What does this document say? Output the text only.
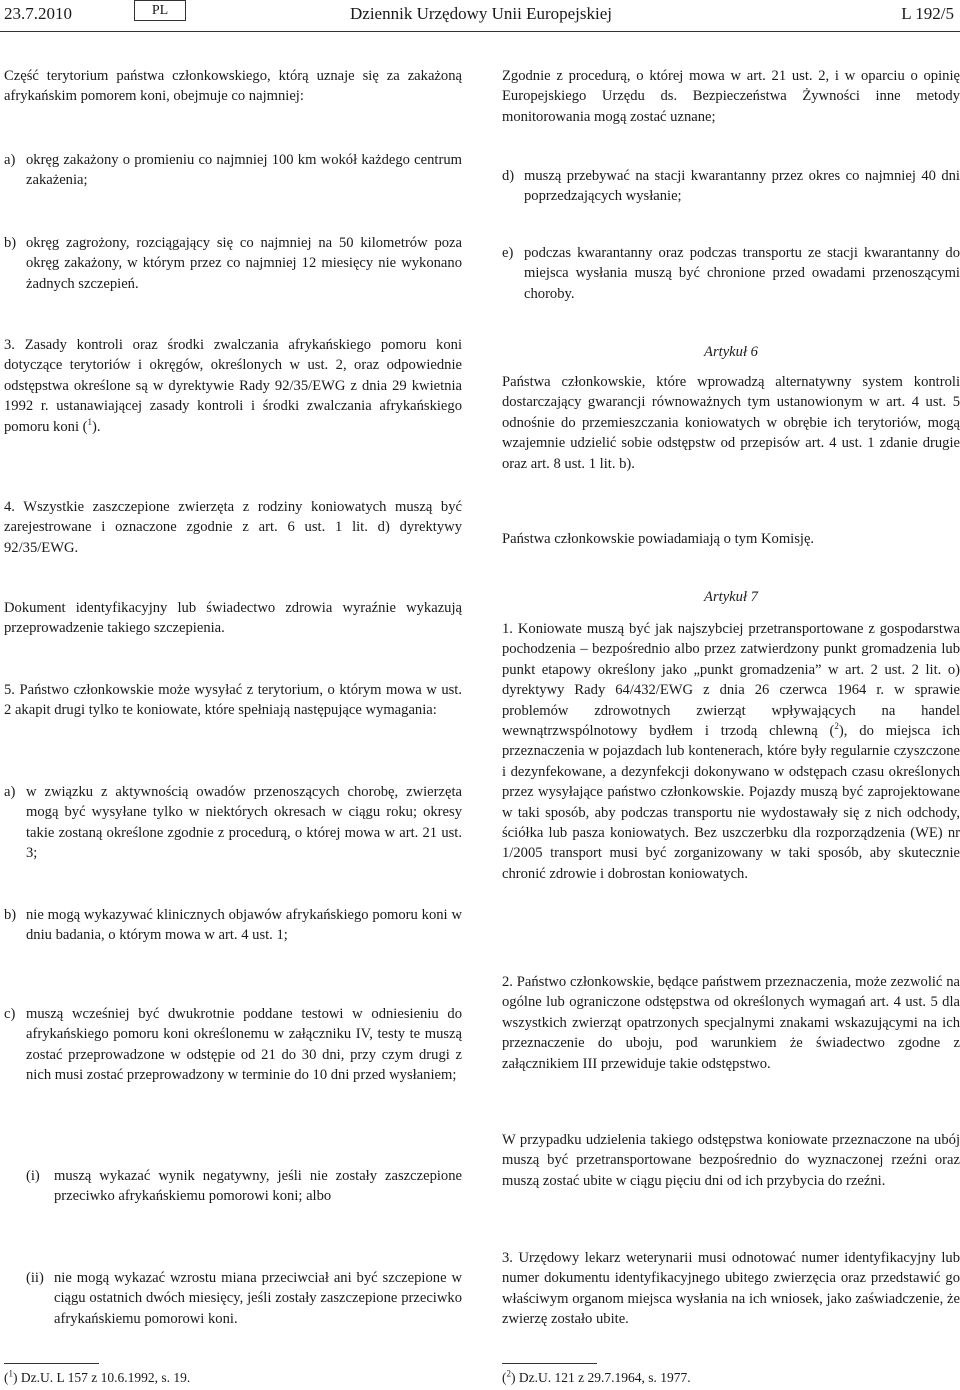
23.7.2010	PL	Dziennik Urzędowy Unii Europejskiej	L 192/5
Część terytorium państwa członkowskiego, którą uznaje się za zakażoną afrykańskim pomorem koni, obejmuje co najmniej:
a) okręg zakażony o promieniu co najmniej 100 km wokół każdego centrum zakażenia;
b) okręg zagrożony, rozciągający się co najmniej na 50 kilometrów poza okręg zakażony, w którym przez co najmniej 12 miesięcy nie wykonano żadnych szczepień.
3. Zasady kontroli oraz środki zwalczania afrykańskiego pomoru koni dotyczące terytoriów i okręgów, określonych w ust. 2, oraz odpowiednie odstępstwa określone są w dyrektywie Rady 92/35/EWG z dnia 29 kwietnia 1992 r. ustanawiającej zasady kontroli i środki zwalczania afrykańskiego pomoru koni ($^1$).
4. Wszystkie zaszczepione zwierzęta z rodziny koniowatych muszą być zarejestrowane i oznaczone zgodnie z art. 6 ust. 1 lit. d) dyrektywy 92/35/EWG.
Dokument identyfikacyjny lub świadectwo zdrowia wyraźnie wykazują przeprowadzenie takiego szczepienia.
5. Państwo członkowskie może wysyłać z terytorium, o którym mowa w ust. 2 akapit drugi tylko te koniowate, które spełniają następujące wymagania:
a) w związku z aktywnością owadów przenoszących chorobę, zwierzęta mogą być wysyłane tylko w niektórych okresach w ciągu roku; okresy takie zostaną określone zgodnie z procedurą, o której mowa w art. 21 ust. 3;
b) nie mogą wykazywać klinicznych objawów afrykańskiego pomoru koni w dniu badania, o którym mowa w art. 4 ust. 1;
c) muszą wcześniej być dwukrotnie poddane testowi w odniesieniu do afrykańskiego pomoru koni określonemu w załączniku IV, testy te muszą zostać przeprowadzone w odstępie od 21 do 30 dni, przy czym drugi z nich musi zostać przeprowadzony w terminie do 10 dni przed wysłaniem;
(i) muszą wykazać wynik negatywny, jeśli nie zostały zaszczepione przeciwko afrykańskiemu pomorowi koni; albo
(ii) nie mogą wykazać wzrostu miana przeciwciał ani być szczepione w ciągu ostatnich dwóch miesięcy, jeśli zostały zaszczepione przeciwko afrykańskiemu pomorowi koni.
($^1$) Dz.U. L 157 z 10.6.1992, s. 19.
Zgodnie z procedurą, o której mowa w art. 21 ust. 2, i w oparciu o opinię Europejskiego Urzędu ds. Bezpieczeństwa Żywności inne metody monitorowania mogą zostać uznane;
d) muszą przebywać na stacji kwarantanny przez okres co najmniej 40 dni poprzedzających wysłanie;
e) podczas kwarantanny oraz podczas transportu ze stacji kwarantanny do miejsca wysłania muszą być chronione przed owadami przenoszącymi choroby.
Artykuł 6
Państwa członkowskie, które wprowadzą alternatywny system kontroli dostarczający gwarancji równoważnych tym ustanowionym w art. 4 ust. 5 odnośnie do przemieszczania koniowatych w obrębie ich terytoriów, mogą wzajemnie udzielić sobie odstępstw od przepisów art. 4 ust. 1 zdanie drugie oraz art. 8 ust. 1 lit. b).
Państwa członkowskie powiadamiają o tym Komisję.
Artykuł 7
1. Koniowate muszą być jak najszybciej przetransportowane z gospodarstwa pochodzenia – bezpośrednio albo przez zatwierdzony punkt gromadzenia lub punkt etapowy określony jako „punkt gromadzenia” w art. 2 ust. 2 lit. o) dyrektywy Rady 64/432/EWG z dnia 26 czerwca 1964 r. w sprawie problemów zdrowotnych zwierząt wpływających na handel wewnątrzwspólnotowy bydłem i trzodą chlewną ($^2$), do miejsca ich przeznaczenia w pojazdach lub kontenerach, które były regularnie czyszczone i dezynfekowane, a dezynfekcji dokonywano w odstępach czasu określonych przez wysyłające państwo członkowskie. Pojazdy muszą być zaprojektowane w taki sposób, aby podczas transportu nie wydostawały się z nich odchody, ściółka lub pasza koniowatych. Bez uszczerbku dla rozporządzenia (WE) nr 1/2005 transport musi być zorganizowany w taki sposób, aby skutecznie chronić zdrowie i dobrostan koniowatych.
2. Państwo członkowskie, będące państwem przeznaczenia, może zezwolić na ogólne lub ograniczone odstępstwa od określonych wymagań art. 4 ust. 5 dla wszystkich zwierząt opatrzonych specjalnymi znakami wskazującymi na ich przeznaczenie do uboju, pod warunkiem że świadectwo zgodne z załącznikiem III przewiduje takie odstępstwo.
W przypadku udzielenia takiego odstępstwa koniowate przeznaczone na ubój muszą być przetransportowane bezpośrednio do wyznaczonej rzeźni oraz muszą zostać ubite w ciągu pięciu dni od ich przybycia do rzeźni.
3. Urzędowy lekarz weterynarii musi odnotować numer identyfikacyjny lub numer dokumentu identyfikacyjnego ubitego zwierzęcia oraz przedstawić go właściwym organom miejsca wysłania na ich wniosek, jako zaświadczenie, że zwierzę zostało ubite.
($^2$) Dz.U. 121 z 29.7.1964, s. 1977.
